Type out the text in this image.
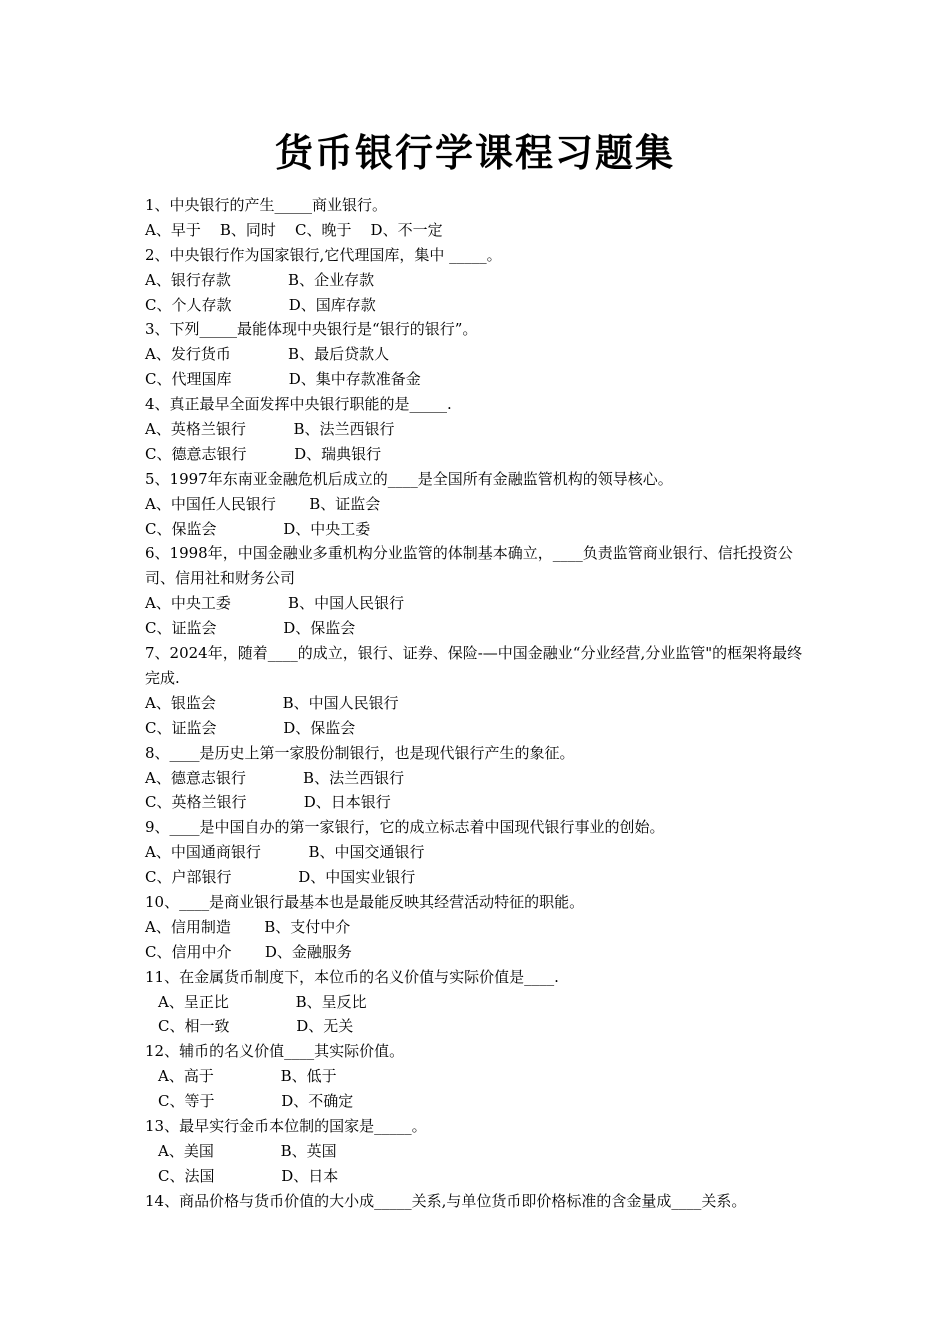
货币银行学课程习题集
1、中央银行的产生_____商业银行。
A、早于    B、同时    C、晚于    D、不一定
2、中央银行作为国家银行,它代理国库，集中 _____。
A、银行存款            B、企业存款
C、个人存款            D、国库存款
3、下列_____最能体现中央银行是“银行的银行”。
A、发行货币            B、最后贷款人
C、代理国库            D、集中存款准备金
4、真正最早全面发挥中央银行职能的是_____.
A、英格兰银行          B、法兰西银行
C、德意志银行          D、瑞典银行
5、1997年东南亚金融危机后成立的____是全国所有金融监管机构的领导核心。
A、中国任人民银行       B、证监会
C、保监会              D、中央工委
6、1998年，中国金融业多重机构分业监管的体制基本确立，____负责监管商业银行、信托投资公司、信用社和财务公司
A、中央工委            B、中国人民银行
C、证监会              D、保监会
7、2024年，随着____的成立，银行、证券、保险-—中国金融业“分业经营,分业监管"的框架将最终完成.
A、银监会              B、中国人民银行
C、证监会              D、保监会
8、____是历史上第一家股份制银行，也是现代银行产生的象征。
A、德意志银行            B、法兰西银行
C、英格兰银行            D、日本银行
9、____是中国自办的第一家银行，它的成立标志着中国现代银行事业的创始。
A、中国通商银行          B、中国交通银行
C、户部银行              D、中国实业银行
10、____是商业银行最基本也是最能反映其经营活动特征的职能。
A、信用制造       B、支付中介
C、信用中介       D、金融服务
11、在金属货币制度下，本位币的名义价值与实际价值是____.
A、呈正比              B、呈反比
C、相一致              D、无关
12、辅币的名义价值____其实际价值。
A、高于              B、低于
C、等于              D、不确定
13、最早实行金币本位制的国家是_____。
A、美国              B、英国
C、法国              D、日本
14、商品价格与货币价值的大小成_____关系,与单位货币即价格标准的含金量成____关系。
